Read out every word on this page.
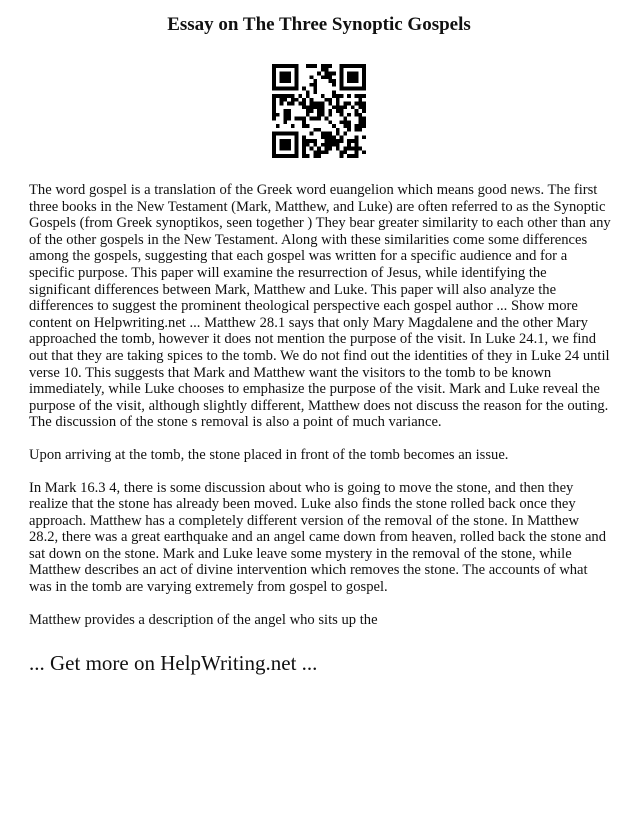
Essay on The Three Synoptic Gospels

The word gospel is a translation of the Greek word euangelion which means good news. The first three books in the New Testament (Mark, Matthew, and Luke) are often referred to as the Synoptic Gospels (from Greek synoptikos, seen together ) They bear greater similarity to each other than any of the other gospels in the New Testament. Along with these similarities come some differences among the gospels, suggesting that each gospel was written for a specific audience and for a specific purpose. This paper will examine the resurrection of Jesus, while identifying the significant differences between Mark, Matthew and Luke. This paper will also analyze the differences to suggest the prominent theological perspective each gospel author ... Show more content on Helpwriting.net ... Matthew 28.1 says that only Mary Magdalene and the other Mary approached the tomb, however it does not mention the purpose of the visit. In Luke 24.1, we find out that they are taking spices to the tomb. We do not find out the identities of they in Luke 24 until verse 10. This suggests that Mark and Matthew want the visitors to the tomb to be known immediately, while Luke chooses to emphasize the purpose of the visit. Mark and Luke reveal the purpose of the visit, although slightly different, Matthew does not discuss the reason for the outing. The discussion of the stone s removal is also a point of much variance.

Upon arriving at the tomb, the stone placed in front of the tomb becomes an issue.

In Mark 16.3 4, there is some discussion about who is going to move the stone, and then they realize that the stone has already been moved. Luke also finds the stone rolled back once they approach. Matthew has a completely different version of the removal of the stone. In Matthew 28.2, there was a great earthquake and an angel came down from heaven, rolled back the stone and sat down on the stone. Mark and Luke leave some mystery in the removal of the stone, while Matthew describes an act of divine intervention which removes the stone. The accounts of what was in the tomb are varying extremely from gospel to gospel.

Matthew provides a description of the angel who sits up the

... Get more on HelpWriting.net ...
